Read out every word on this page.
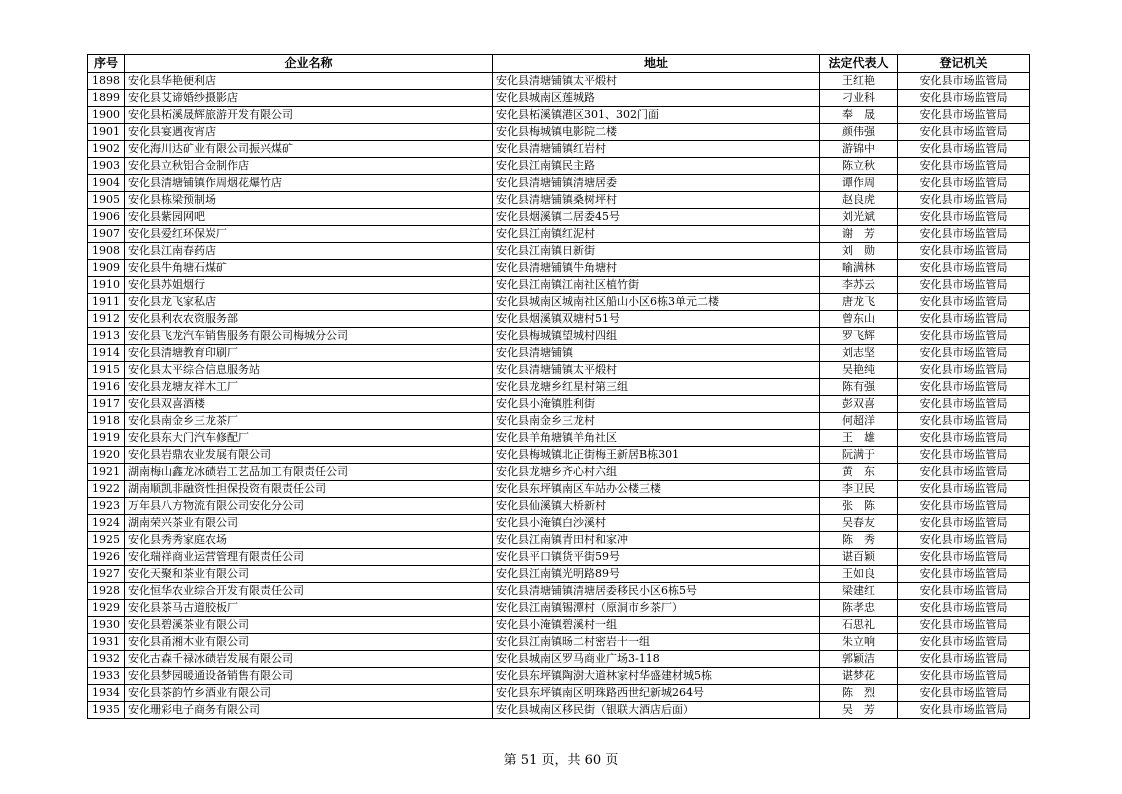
序号	企业名称	地址	法定代表人	登记机关
1898	安化县华艳便利店	安化县清塘铺镇太平煅村	王红艳	安化县市场监管局
1899	安化县艾谛婚纱摄影店	安化县城南区莲城路	刁业科	安化县市场监管局
1900	安化县柘溪晟辉旅游开发有限公司	安化县柘溪镇港区301、302门面	奉　晟	安化县市场监管局
1901	安化县宴遇夜宵店	安化县梅城镇电影院二楼	颜伟强	安化县市场监管局
1902	安化海川达矿业有限公司振兴煤矿	安化县清塘铺镇红岩村	游锦中	安化县市场监管局
1903	安化县立秋铝合金制作店	安化县江南镇民主路	陈立秋	安化县市场监管局
1904	安化县清塘铺镇作周烟花爆竹店	安化县清塘铺镇清塘居委	谭作周	安化县市场监管局
1905	安化县栋梁预制场	安化县清塘铺镇桑树坪村	赵良虎	安化县市场监管局
1906	安化县紫园网吧	安化县烟溪镇二居委45号	刘光斌	安化县市场监管局
1907	安化县爱红环保炭厂	安化县江南镇红泥村	谢　芳	安化县市场监管局
1908	安化县江南春药店	安化县江南镇日新街	刘　勋	安化县市场监管局
1909	安化县牛角塘石煤矿	安化县清塘铺镇牛角塘村	喻满林	安化县市场监管局
1910	安化县苏姐烟行	安化县江南镇江南社区植竹街	李苏云	安化县市场监管局
1911	安化县龙飞家私店	安化县城南区城南社区船山小区6栋3单元二楼	唐龙飞	安化县市场监管局
1912	安化县利农农资服务部	安化县烟溪镇双塘村51号	曾东山	安化县市场监管局
1913	安化县飞龙汽车销售服务有限公司梅城分公司	安化县梅城镇望城村四组	罗飞辉	安化县市场监管局
1914	安化县清塘教育印刷厂	安化县清塘铺镇	刘志坚	安化县市场监管局
1915	安化县太平综合信息服务站	安化县清塘铺镇太平煅村	吴艳纯	安化县市场监管局
1916	安化县龙塘友祥木工厂	安化县龙塘乡红星村第三组	陈有强	安化县市场监管局
1917	安化县双喜酒楼	安化县小淹镇胜利街	彭双喜	安化县市场监管局
1918	安化县南金乡三龙茶厂	安化县南金乡三龙村	何超洋	安化县市场监管局
1919	安化县东大门汽车修配厂	安化县羊角塘镇羊角社区	王　雄	安化县市场监管局
1920	安化县岩鼎农业发展有限公司	安化县梅城镇北正街梅王新居B栋301	阮满于	安化县市场监管局
1921	湖南梅山鑫龙冰碛岩工艺品加工有限责任公司	安化县龙塘乡齐心村六组	黄　东	安化县市场监管局
1922	湖南顺凯非融资性担保投资有限责任公司	安化县东坪镇南区车站办公楼三楼	李卫民	安化县市场监管局
1923	万年县八方物流有限公司安化分公司	安化县仙溪镇大桥新村	张　陈	安化县市场监管局
1924	湖南荣兴茶业有限公司	安化县小淹镇白沙溪村	吴春友	安化县市场监管局
1925	安化县秀秀家庭农场	安化县江南镇青田村和家冲	陈　秀	安化县市场监管局
1926	安化瑞祥商业运营管理有限责任公司	安化县平口镇货平街59号	谌百颖	安化县市场监管局
1927	安化天聚和茶业有限公司	安化县江南镇光明路89号	王如良	安化县市场监管局
1928	安化恒华农业综合开发有限责任公司	安化县清塘铺镇清塘居委移民小区6栋5号	梁建红	安化县市场监管局
1929	安化县茶马古道胶板厂	安化县江南镇锡潭村（原洞市乡茶厂）	陈孝忠	安化县市场监管局
1930	安化县碧溪茶业有限公司	安化县小淹镇碧溪村一组	石思礼	安化县市场监管局
1931	安化县甬湘木业有限公司	安化县江南镇旸二村密岩十一组	朱立响	安化县市场监管局
1932	安化古森千禄冰碛岩发展有限公司	安化县城南区罗马商业广场3-118	郭颖洁	安化县市场监管局
1933	安化县梦园暖通设备销售有限公司	安化县东坪镇陶澍大道林家村华盛建材城5栋	谌梦花	安化县市场监管局
1934	安化县茶韵竹乡酒业有限公司	安化县东坪镇南区明珠路西世纪新城264号	陈　烈	安化县市场监管局
1935	安化珊彩电子商务有限公司	安化县城南区移民街（银联大酒店后面）	吴　芳	安化县市场监管局
第 51 页，共 60 页
